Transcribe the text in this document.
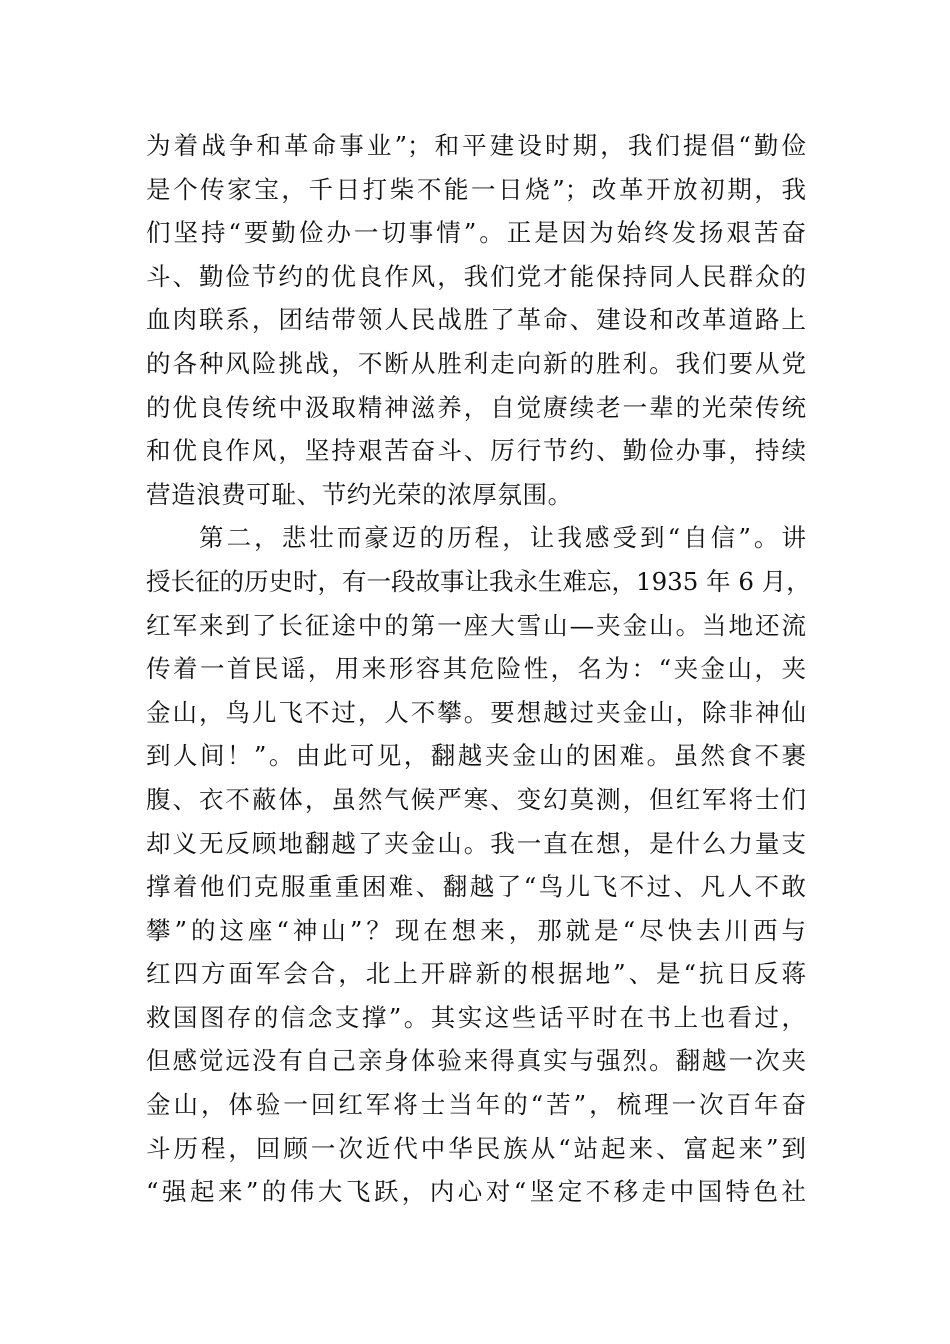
为着战争和革命事业”；和平建设时期，我们提倡“勤俭
是个传家宝，千日打柴不能一日烧”；改革开放初期，我
们坚持“要勤俭办一切事情”。正是因为始终发扬艰苦奋
斗、勤俭节约的优良作风，我们党才能保持同人民群众的
血肉联系，团结带领人民战胜了革命、建设和改革道路上
的各种风险挑战，不断从胜利走向新的胜利。我们要从党
的优良传统中汲取精神滋养，自觉赓续老一辈的光荣传统
和优良作风，坚持艰苦奋斗、厉行节约、勤俭办事，持续
营造浪费可耻、节约光荣的浓厚氛围。
第二，悲壮而豪迈的历程，让我感受到“自信”。讲
授长征的历史时，有一段故事让我永生难忘，1935 年 6 月，
红军来到了长征途中的第一座大雪山—夹金山。当地还流
传着一首民谣，用来形容其危险性，名为：“夹金山，夹
金山，鸟儿飞不过，人不攀。要想越过夹金山，除非神仙
到人间！”。由此可见，翻越夹金山的困难。虽然食不裹
腹、衣不蔽体，虽然气候严寒、变幻莫测，但红军将士们
却义无反顾地翻越了夹金山。我一直在想，是什么力量支
撑着他们克服重重困难、翻越了“鸟儿飞不过、凡人不敢
攀”的这座“神山”？现在想来，那就是“尽快去川西与
红四方面军会合，北上开辟新的根据地”、是“抗日反蒋
救国图存的信念支撑”。其实这些话平时在书上也看过，
但感觉远没有自己亲身体验来得真实与强烈。翻越一次夹
金山，体验一回红军将士当年的“苦”，梳理一次百年奋
斗历程，回顾一次近代中华民族从“站起来、富起来”到
“强起来”的伟大飞跃，内心对“坚定不移走中国特色社
